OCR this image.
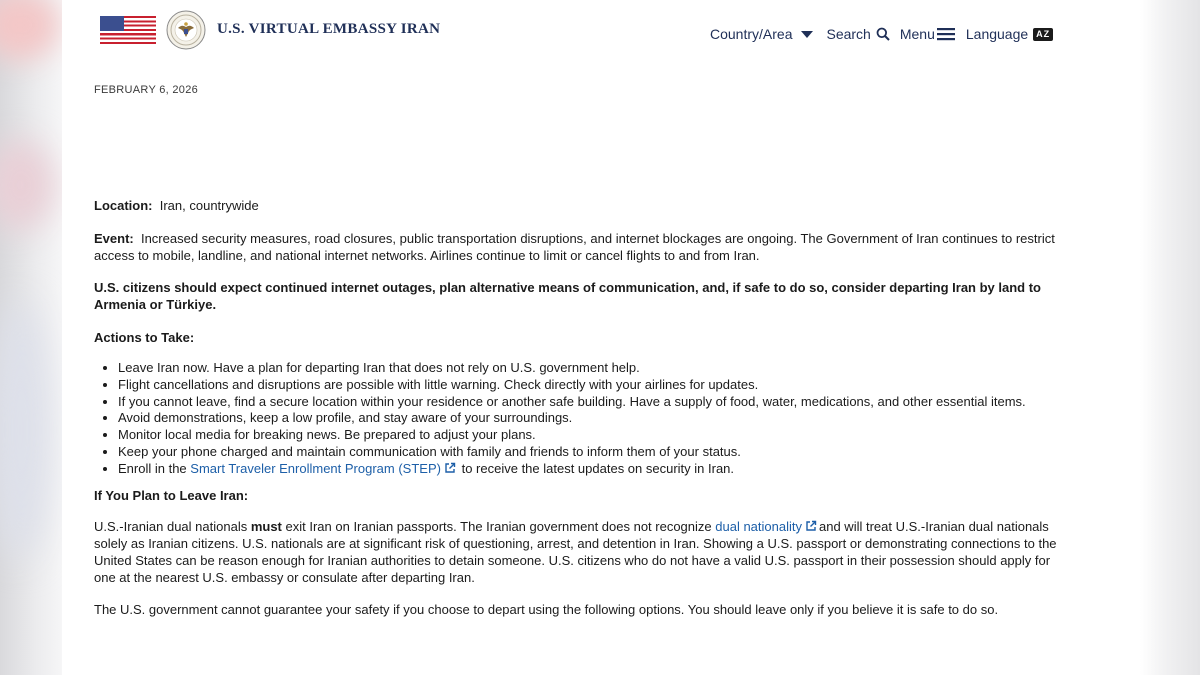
U.S. VIRTUAL EMBASSY IRAN	Country/Area Search Menu Language AZ
FEBRUARY 6, 2026

Location: Iran, countrywide

Event: Increased security measures, road closures, public transportation disruptions, and internet blockages are ongoing. The Government of Iran continues to restrict access to mobile, landline, and national internet networks. Airlines continue to limit or cancel flights to and from Iran.

U.S. citizens should expect continued internet outages, plan alternative means of communication, and, if safe to do so, consider departing Iran by land to Armenia or Türkiye.

Actions to Take:

• Leave Iran now. Have a plan for departing Iran that does not rely on U.S. government help.
• Flight cancellations and disruptions are possible with little warning. Check directly with your airlines for updates.
• If you cannot leave, find a secure location within your residence or another safe building. Have a supply of food, water, medications, and other essential items.
• Avoid demonstrations, keep a low profile, and stay aware of your surroundings.
• Monitor local media for breaking news. Be prepared to adjust your plans.
• Keep your phone charged and maintain communication with family and friends to inform them of your status.
• Enroll in the Smart Traveler Enrollment Program (STEP) to receive the latest updates on security in Iran.

If You Plan to Leave Iran:

U.S.-Iranian dual nationals must exit Iran on Iranian passports. The Iranian government does not recognize dual nationality and will treat U.S.-Iranian dual nationals solely as Iranian citizens. U.S. nationals are at significant risk of questioning, arrest, and detention in Iran. Showing a U.S. passport or demonstrating connections to the United States can be reason enough for Iranian authorities to detain someone. U.S. citizens who do not have a valid U.S. passport in their possession should apply for one at the nearest U.S. embassy or consulate after departing Iran.

The U.S. government cannot guarantee your safety if you choose to depart using the following options. You should leave only if you believe it is safe to do so.
